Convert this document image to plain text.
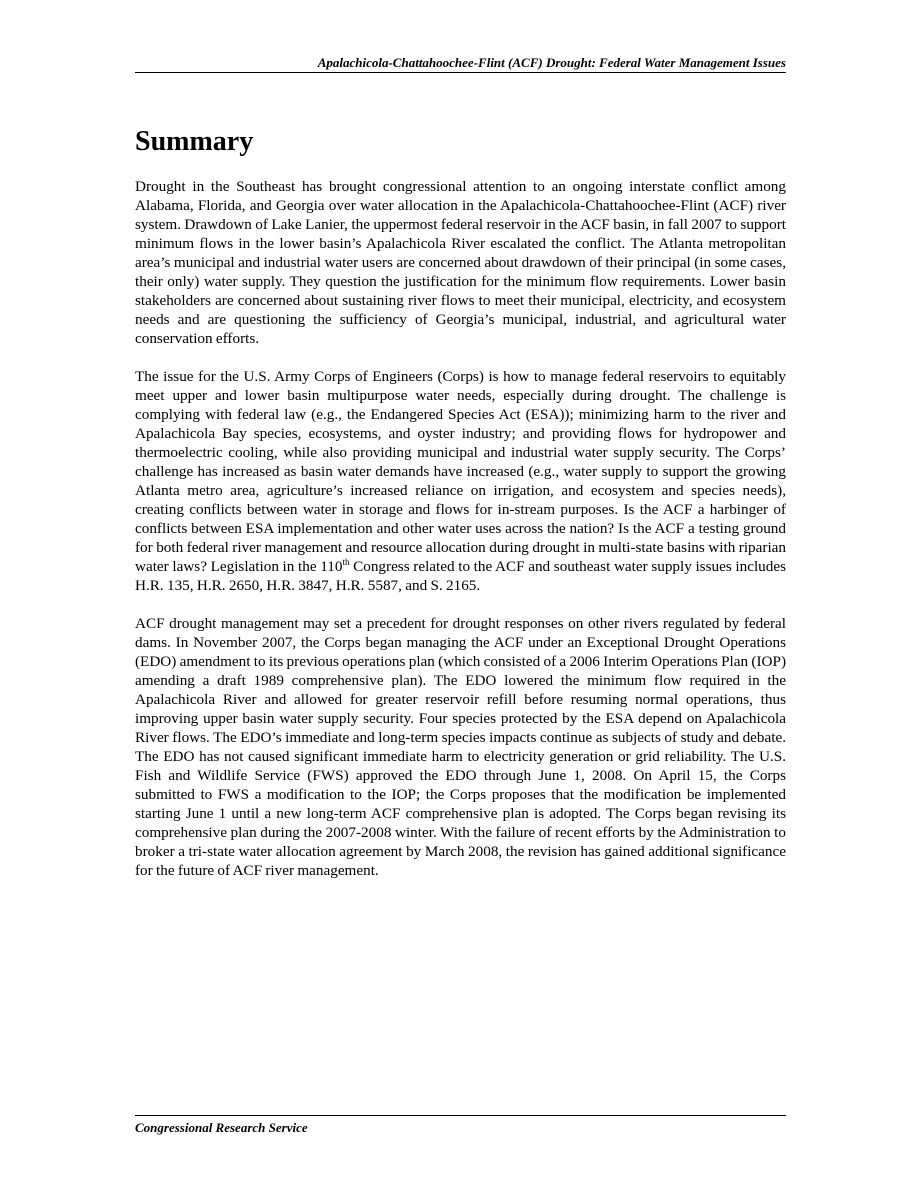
Apalachicola-Chattahoochee-Flint (ACF) Drought: Federal Water Management Issues
Summary

Drought in the Southeast has brought congressional attention to an ongoing interstate conflict among Alabama, Florida, and Georgia over water allocation in the Apalachicola-Chattahoochee-Flint (ACF) river system. Drawdown of Lake Lanier, the uppermost federal reservoir in the ACF basin, in fall 2007 to support minimum flows in the lower basin’s Apalachicola River escalated the conflict. The Atlanta metropolitan area’s municipal and industrial water users are concerned about drawdown of their principal (in some cases, their only) water supply. They question the justification for the minimum flow requirements. Lower basin stakeholders are concerned about sustaining river flows to meet their municipal, electricity, and ecosystem needs and are questioning the sufficiency of Georgia’s municipal, industrial, and agricultural water conservation efforts.

The issue for the U.S. Army Corps of Engineers (Corps) is how to manage federal reservoirs to equitably meet upper and lower basin multipurpose water needs, especially during drought. The challenge is complying with federal law (e.g., the Endangered Species Act (ESA)); minimizing harm to the river and Apalachicola Bay species, ecosystems, and oyster industry; and providing flows for hydropower and thermoelectric cooling, while also providing municipal and industrial water supply security. The Corps’ challenge has increased as basin water demands have increased (e.g., water supply to support the growing Atlanta metro area, agriculture’s increased reliance on irrigation, and ecosystem and species needs), creating conflicts between water in storage and flows for in-stream purposes. Is the ACF a harbinger of conflicts between ESA implementation and other water uses across the nation? Is the ACF a testing ground for both federal river management and resource allocation during drought in multi-state basins with riparian water laws? Legislation in the 110th Congress related to the ACF and southeast water supply issues includes H.R. 135, H.R. 2650, H.R. 3847, H.R. 5587, and S. 2165.

ACF drought management may set a precedent for drought responses on other rivers regulated by federal dams. In November 2007, the Corps began managing the ACF under an Exceptional Drought Operations (EDO) amendment to its previous operations plan (which consisted of a 2006 Interim Operations Plan (IOP) amending a draft 1989 comprehensive plan). The EDO lowered the minimum flow required in the Apalachicola River and allowed for greater reservoir refill before resuming normal operations, thus improving upper basin water supply security. Four species protected by the ESA depend on Apalachicola River flows. The EDO’s immediate and long-term species impacts continue as subjects of study and debate. The EDO has not caused significant immediate harm to electricity generation or grid reliability. The U.S. Fish and Wildlife Service (FWS) approved the EDO through June 1, 2008. On April 15, the Corps submitted to FWS a modification to the IOP; the Corps proposes that the modification be implemented starting June 1 until a new long-term ACF comprehensive plan is adopted. The Corps began revising its comprehensive plan during the 2007-2008 winter. With the failure of recent efforts by the Administration to broker a tri-state water allocation agreement by March 2008, the revision has gained additional significance for the future of ACF river management.

Congressional Research Service
